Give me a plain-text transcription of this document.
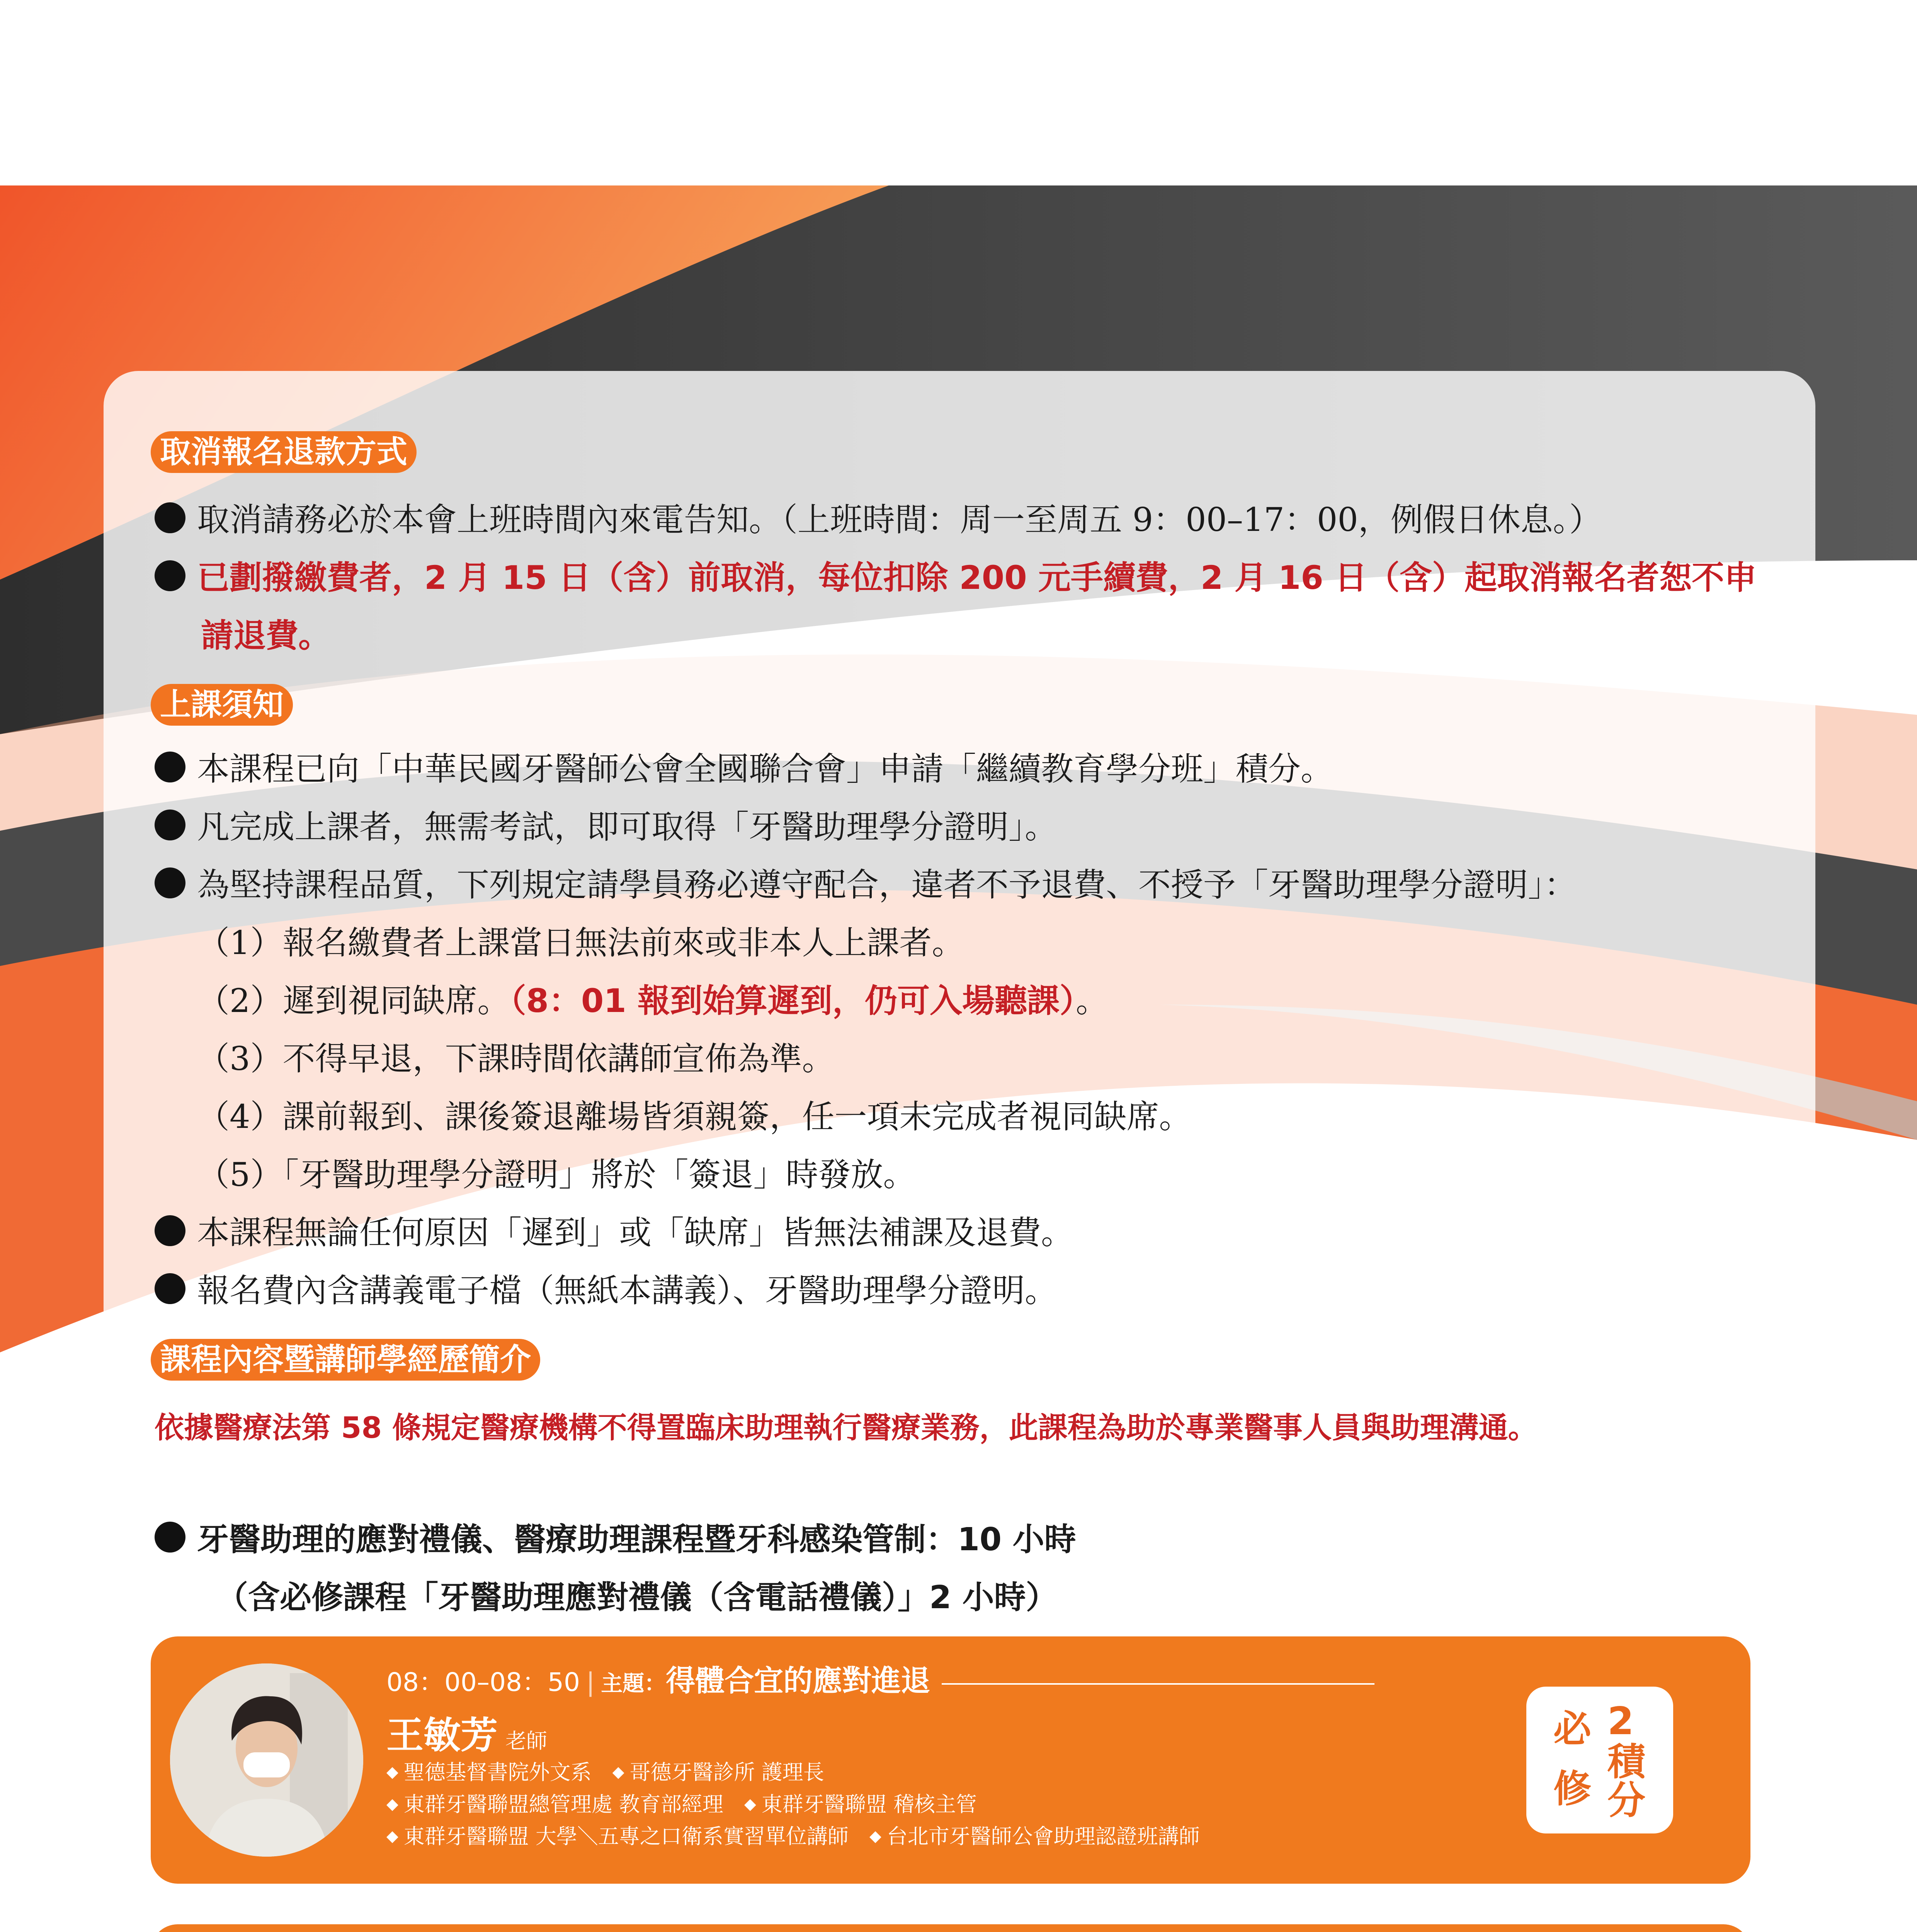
取消報名退款方式
取消請務必於本會上班時間內來電告知。（上班時間：周一至周五 9：00–17：00，例假日休息。）
已劃撥繳費者，2 月 15 日（含）前取消，每位扣除 200 元手續費，2 月 16 日（含）起取消報名者恕不申
請退費。
上課須知
本課程已向「中華民國牙醫師公會全國聯合會」申請「繼續教育學分班」積分。
凡完成上課者，無需考試，即可取得「牙醫助理學分證明」。
為堅持課程品質，下列規定請學員務必遵守配合，違者不予退費、不授予「牙醫助理學分證明」：
（1）報名繳費者上課當日無法前來或非本人上課者。
（2）遲到視同缺席。（8：01 報到始算遲到，仍可入場聽課）。
（3）不得早退，下課時間依講師宣佈為準。
（4）課前報到、課後簽退離場皆須親簽，任一項未完成者視同缺席。
（5）「牙醫助理學分證明」將於「簽退」時發放。
本課程無論任何原因「遲到」或「缺席」皆無法補課及退費。
報名費內含講義電子檔（無紙本講義）、牙醫助理學分證明。
課程內容暨講師學經歷簡介
依據醫療法第 58 條規定醫療機構不得置臨床助理執行醫療業務，此課程為助於專業醫事人員與助理溝通。
牙醫助理的應對禮儀、醫療助理課程暨牙科感染管制：10 小時
（含必修課程「牙醫助理應對禮儀（含電話禮儀）」2 小時）
08：00–08：50 | 主題：得體合宜的應對進退
王敏芳 老師
◆ 聖德基督書院外文系　 ◆ 哥德牙醫診所 護理長
◆ 東群牙醫聯盟總管理處 教育部經理　 ◆ 東群牙醫聯盟 稽核主管
◆ 東群牙醫聯盟 大學＼五專之口衛系實習單位講師　 ◆ 台北市牙醫師公會助理認證班講師
必 2
積
修 分
